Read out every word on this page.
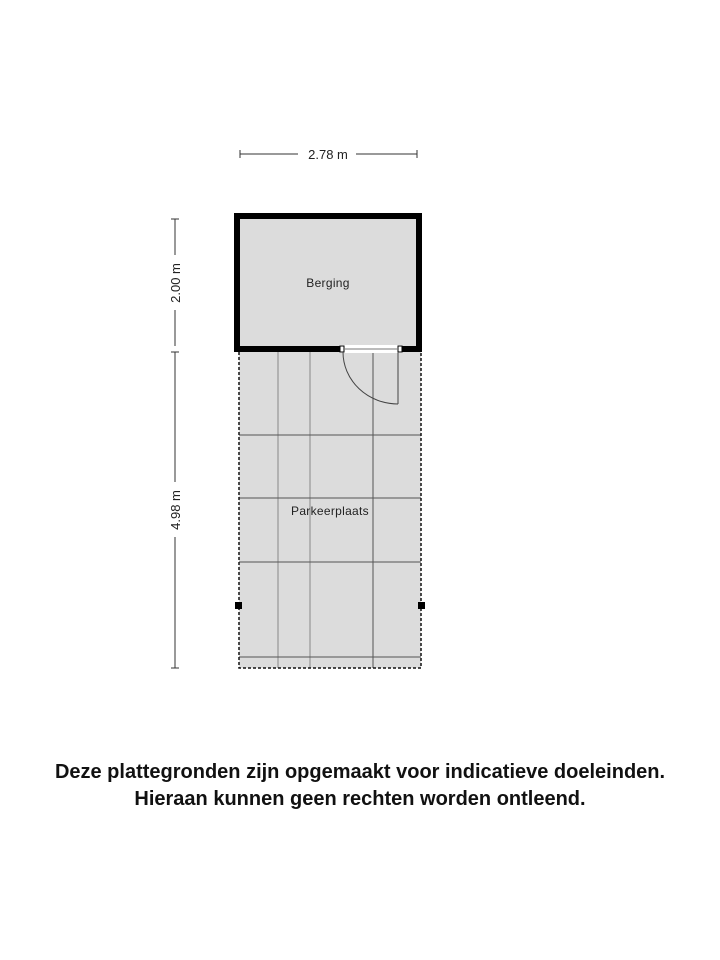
2.78 m
2.00 m
4.98 m	Parkeerplaats
Berging
Deze plattegronden zijn opgemaakt voor indicatieve doeleinden.
Hieraan kunnen geen rechten worden ontleend.
